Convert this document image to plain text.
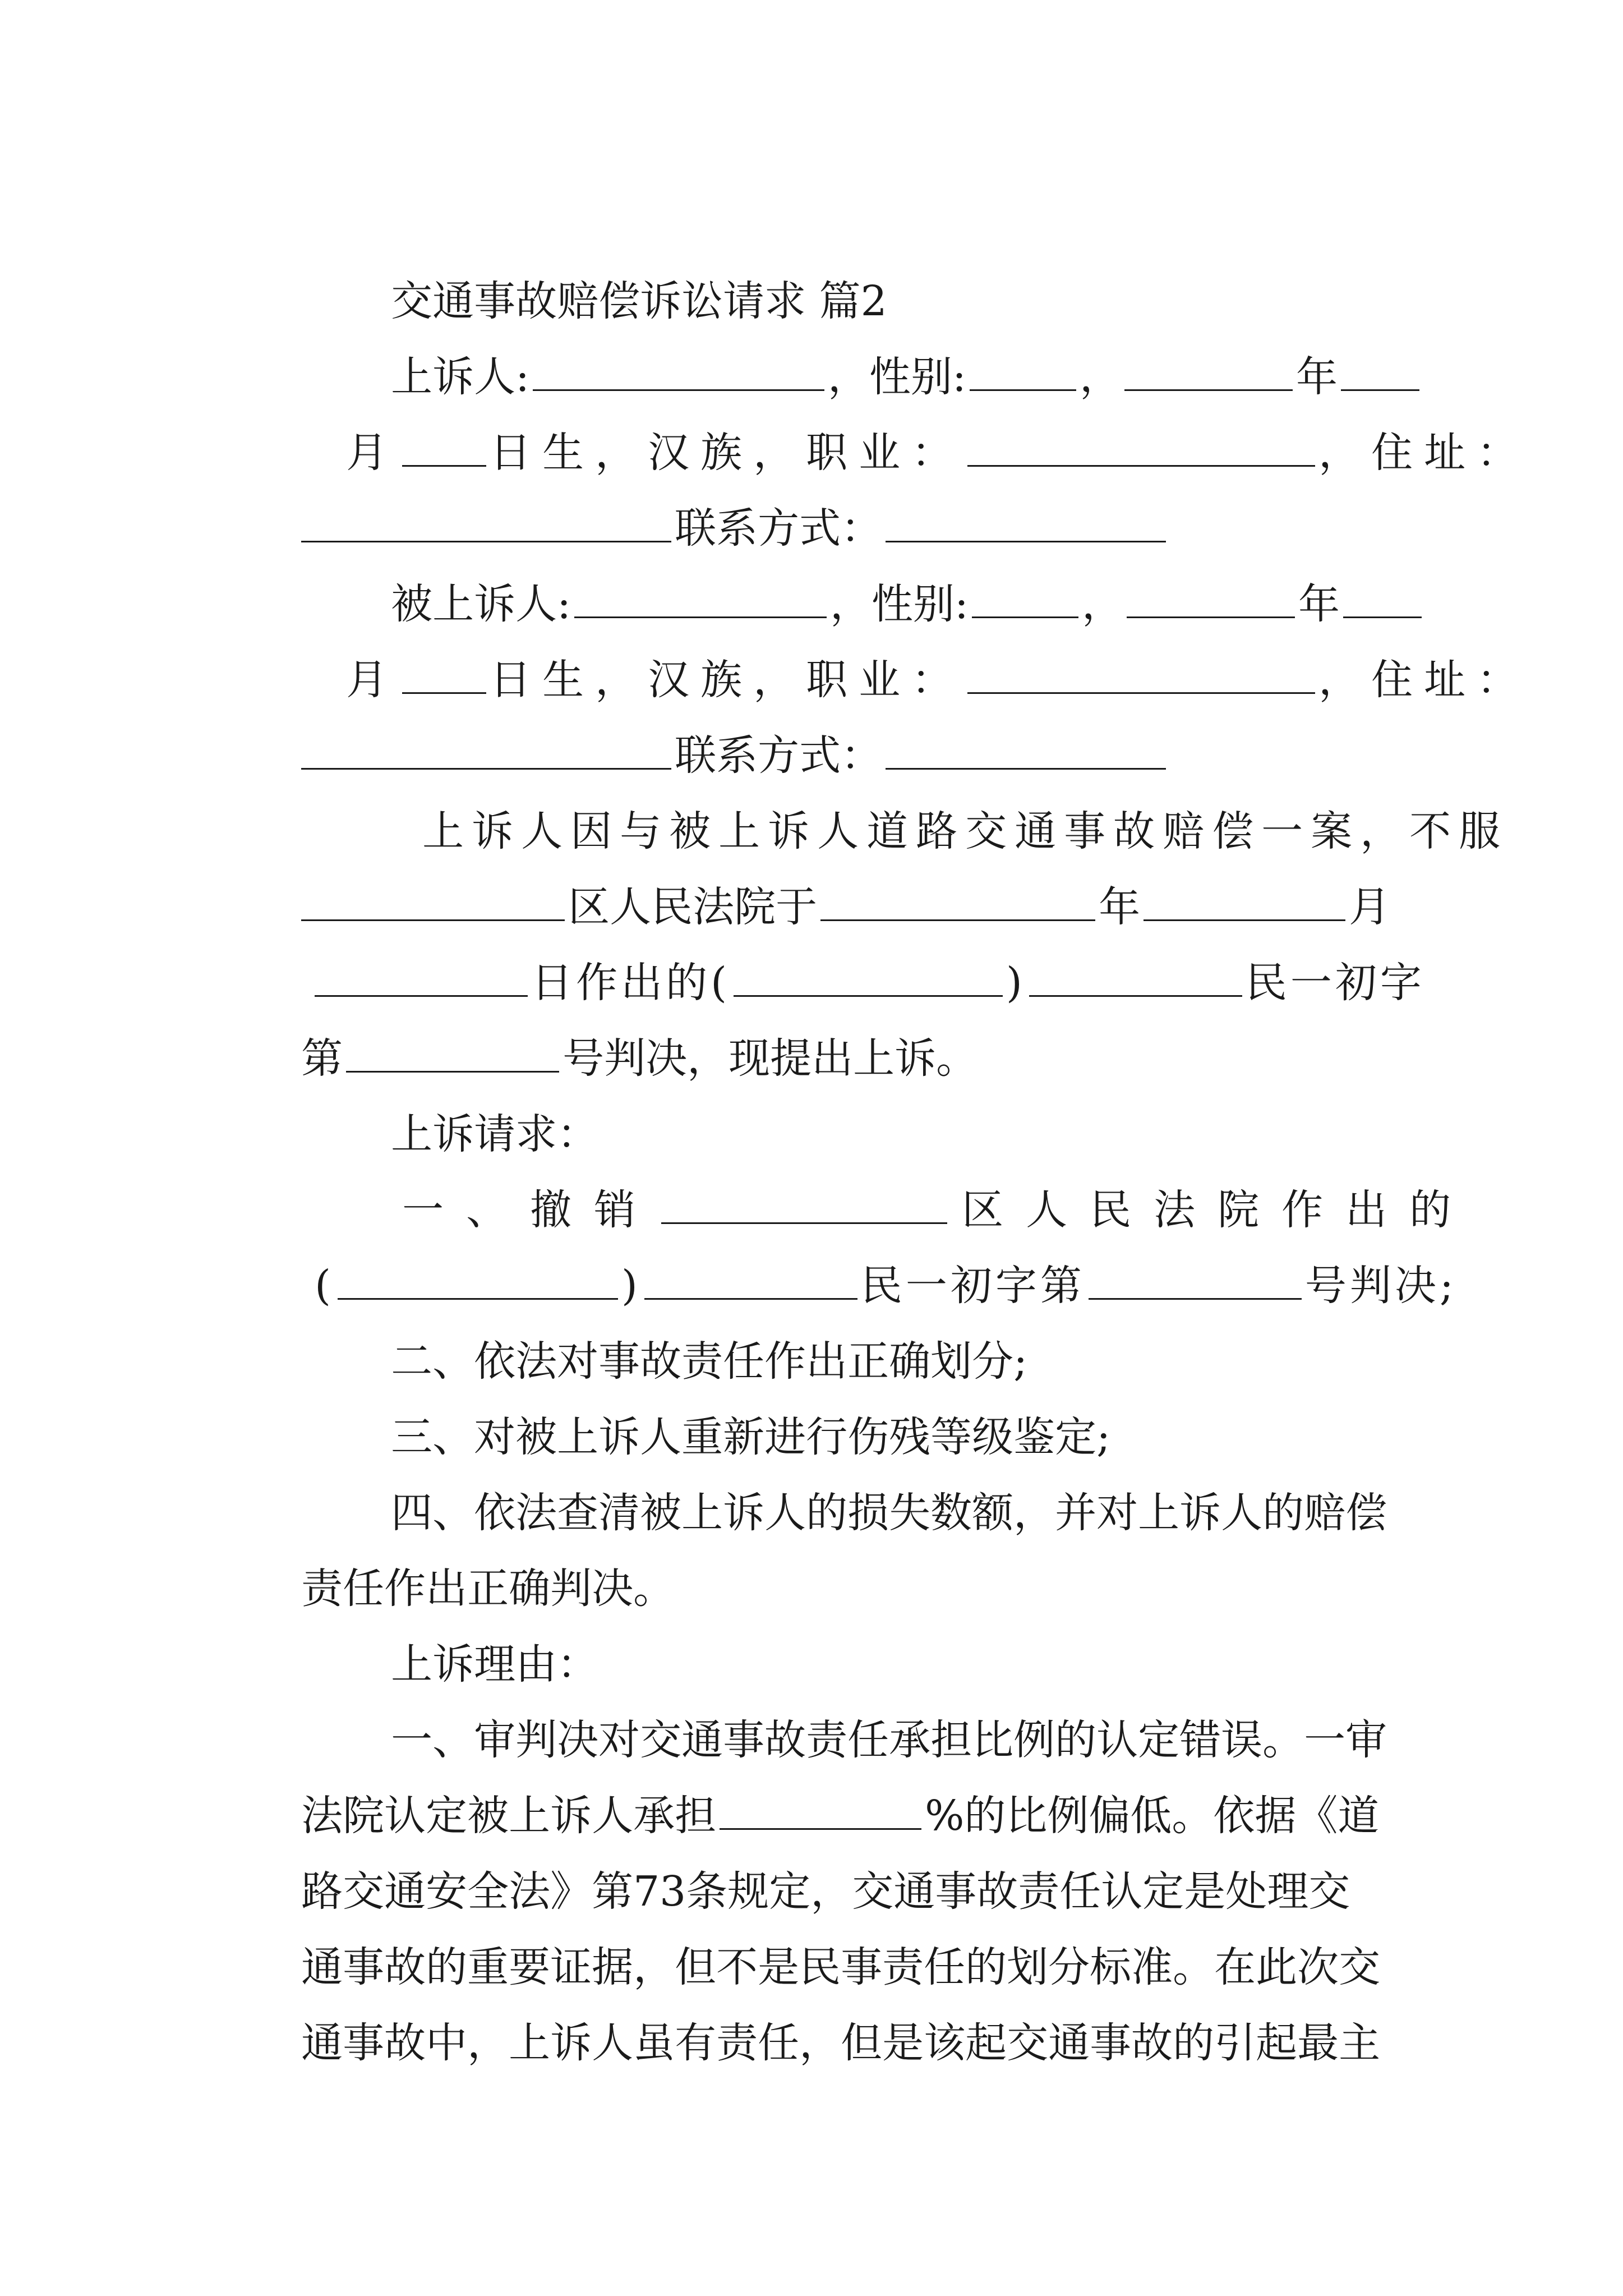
交通事故赔偿诉讼请求 篇2

上诉人:	，性别:	，	年

月 日生，汉族，职业：	，住址：

联系方式：

被上诉人:	，性别:	，	年

月 日生，汉族，职业：	，住址：

联系方式：

上诉人因与被上诉人道路交通事故赔偿一案，不服

区人民法院于	年	月

日作出的(	)	民一初字

第	号判决，现提出上诉。

上诉请求：

一、撤销	区人民法院作出的

(	)	民一初字第	号判决;

二、依法对事故责任作出正确划分;

三、对被上诉人重新进行伤残等级鉴定;

四、依法查清被上诉人的损失数额，并对上诉人的赔偿

责任作出正确判决。

上诉理由：

一、审判决对交通事故责任承担比例的认定错误。一审

法院认定被上诉人承担	%的比例偏低。依据《道

路交通安全法》第73条规定，交通事故责任认定是处理交

通事故的重要证据，但不是民事责任的划分标准。在此次交

通事故中，上诉人虽有责任，但是该起交通事故的引起最主
